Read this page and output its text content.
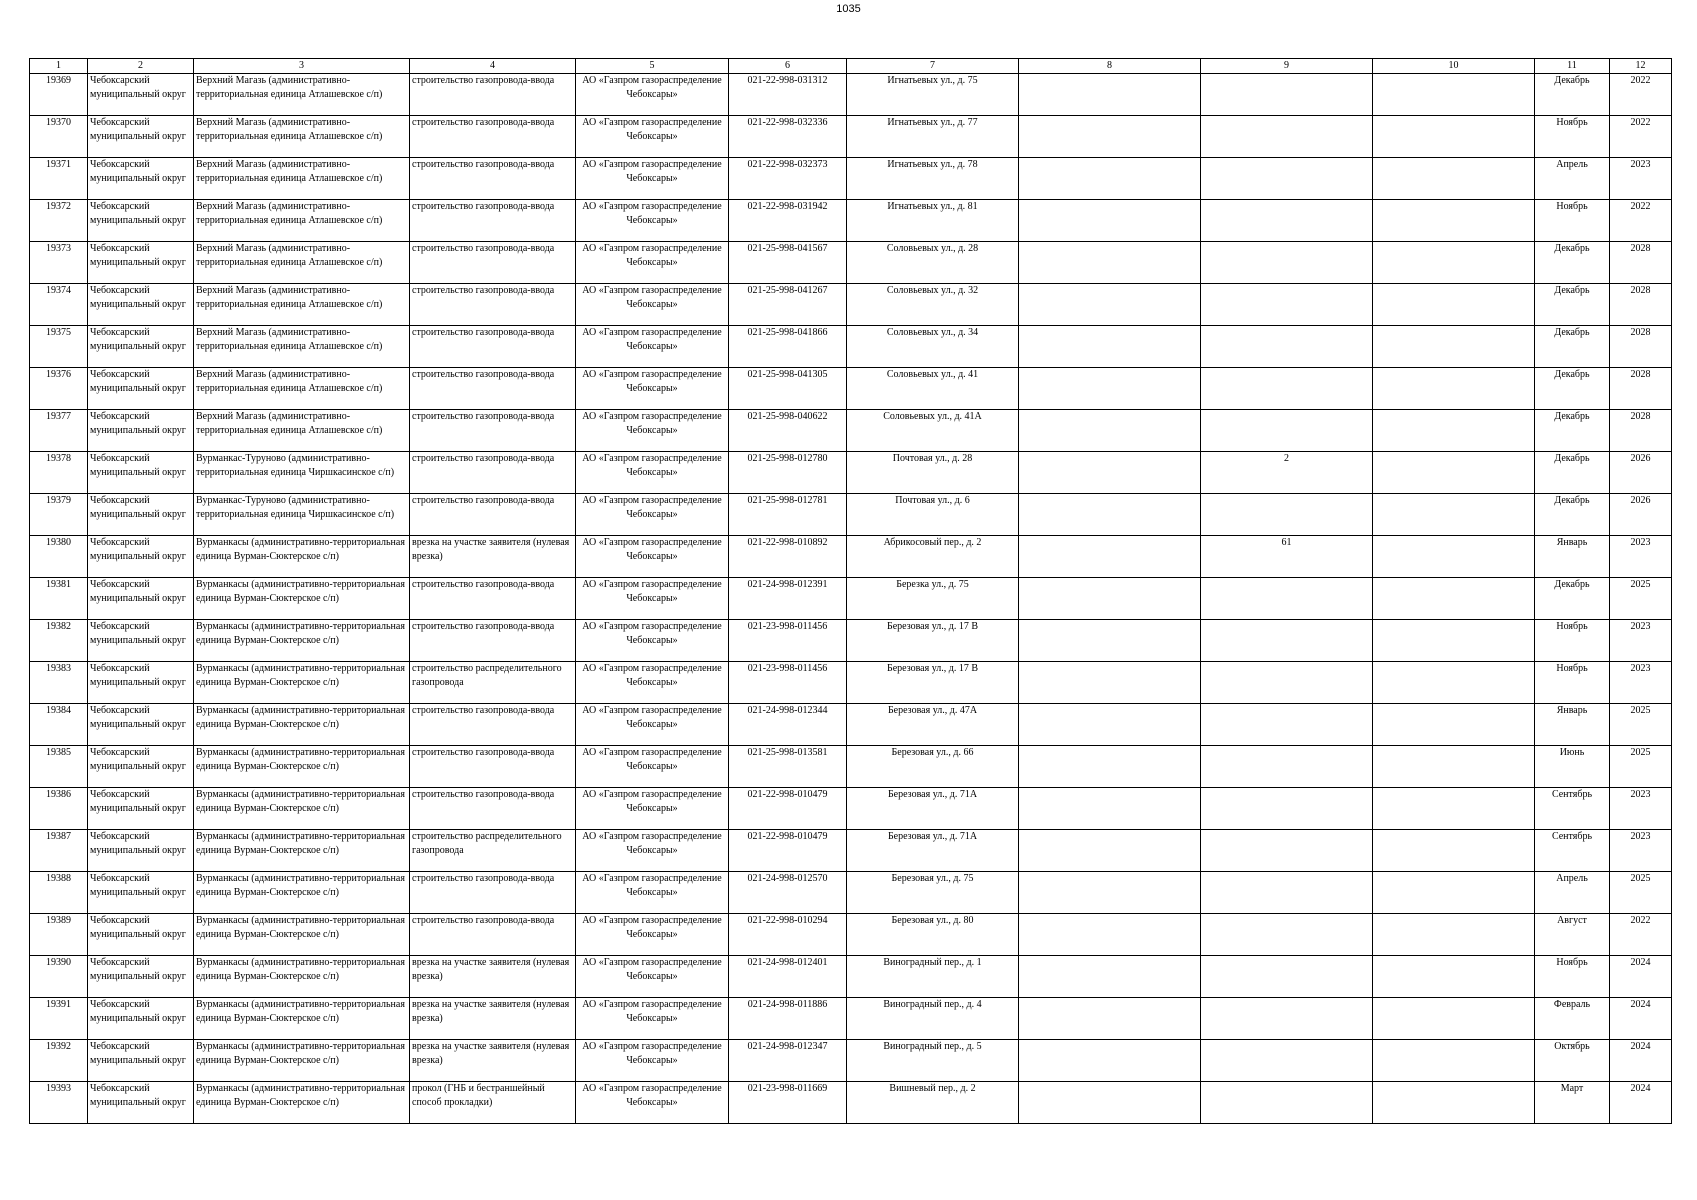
1035
1	2	3	4	5	6	7	8	9	10	11	12

19369	Чебоксарский муниципальный округ	Верхний Магазь (административно-территориальная единица Атлашевское с/п)	строительство газопровода-ввода	АО «Газпром газораспределение Чебоксары»	021-22-998-031312	Игнатьевых ул., д. 75				Декабрь	2022

19370	Чебоксарский муниципальный округ	Верхний Магазь (административно-территориальная единица Атлашевское с/п)	строительство газопровода-ввода	АО «Газпром газораспределение Чебоксары»	021-22-998-032336	Игнатьевых ул., д. 77				Ноябрь	2022

19371	Чебоксарский муниципальный округ	Верхний Магазь (административно-территориальная единица Атлашевское с/п)	строительство газопровода-ввода	АО «Газпром газораспределение Чебоксары»	021-22-998-032373	Игнатьевых ул., д. 78				Апрель	2023

19372	Чебоксарский муниципальный округ	Верхний Магазь (административно-территориальная единица Атлашевское с/п)	строительство газопровода-ввода	АО «Газпром газораспределение Чебоксары»	021-22-998-031942	Игнатьевых ул., д. 81				Ноябрь	2022

19373	Чебоксарский муниципальный округ	Верхний Магазь (административно-территориальная единица Атлашевское с/п)	строительство газопровода-ввода	АО «Газпром газораспределение Чебоксары»	021-25-998-041567	Соловьевых ул., д. 28				Декабрь	2028

19374	Чебоксарский муниципальный округ	Верхний Магазь (административно-территориальная единица Атлашевское с/п)	строительство газопровода-ввода	АО «Газпром газораспределение Чебоксары»	021-25-998-041267	Соловьевых ул., д. 32				Декабрь	2028

19375	Чебоксарский муниципальный округ	Верхний Магазь (административно-территориальная единица Атлашевское с/п)	строительство газопровода-ввода	АО «Газпром газораспределение Чебоксары»	021-25-998-041866	Соловьевых ул., д. 34				Декабрь	2028

19376	Чебоксарский муниципальный округ	Верхний Магазь (административно-территориальная единица Атлашевское с/п)	строительство газопровода-ввода	АО «Газпром газораспределение Чебоксары»	021-25-998-041305	Соловьевых ул., д. 41				Декабрь	2028

19377	Чебоксарский муниципальный округ	Верхний Магазь (административно-территориальная единица Атлашевское с/п)	строительство газопровода-ввода	АО «Газпром газораспределение Чебоксары»	021-25-998-040622	Соловьевых ул., д. 41А				Декабрь	2028

19378	Чебоксарский муниципальный округ	Вурманкас-Туруново (административно-территориальная единица Чиршкасинское с/п)	строительство газопровода-ввода	АО «Газпром газораспределение Чебоксары»	021-25-998-012780	Почтовая ул., д. 28		2		Декабрь	2026

19379	Чебоксарский муниципальный округ	Вурманкас-Туруново (административно-территориальная единица Чиршкасинское с/п)	строительство газопровода-ввода	АО «Газпром газораспределение Чебоксары»	021-25-998-012781	Почтовая ул., д. 6				Декабрь	2026

19380	Чебоксарский муниципальный округ	Вурманкасы (административно-территориальная единица Вурман-Сюктерское с/п)	врезка на участке заявителя (нулевая врезка)	АО «Газпром газораспределение Чебоксары»	021-22-998-010892	Абрикосовый пер., д. 2		61		Январь	2023

19381	Чебоксарский муниципальный округ	Вурманкасы (административно-территориальная единица Вурман-Сюктерское с/п)	строительство газопровода-ввода	АО «Газпром газораспределение Чебоксары»	021-24-998-012391	Березка ул., д. 75				Декабрь	2025

19382	Чебоксарский муниципальный округ	Вурманкасы (административно-территориальная единица Вурман-Сюктерское с/п)	строительство газопровода-ввода	АО «Газпром газораспределение Чебоксары»	021-23-998-011456	Березовая ул., д. 17 В				Ноябрь	2023

19383	Чебоксарский муниципальный округ	Вурманкасы (административно-территориальная единица Вурман-Сюктерское с/п)	строительство распределительного газопровода	АО «Газпром газораспределение Чебоксары»	021-23-998-011456	Березовая ул., д. 17 В				Ноябрь	2023

19384	Чебоксарский муниципальный округ	Вурманкасы (административно-территориальная единица Вурман-Сюктерское с/п)	строительство газопровода-ввода	АО «Газпром газораспределение Чебоксары»	021-24-998-012344	Березовая ул., д. 47А				Январь	2025

19385	Чебоксарский муниципальный округ	Вурманкасы (административно-территориальная единица Вурман-Сюктерское с/п)	строительство газопровода-ввода	АО «Газпром газораспределение Чебоксары»	021-25-998-013581	Березовая ул., д. 66				Июнь	2025

19386	Чебоксарский муниципальный округ	Вурманкасы (административно-территориальная единица Вурман-Сюктерское с/п)	строительство газопровода-ввода	АО «Газпром газораспределение Чебоксары»	021-22-998-010479	Березовая ул., д. 71А				Сентябрь	2023

19387	Чебоксарский муниципальный округ	Вурманкасы (административно-территориальная единица Вурман-Сюктерское с/п)	строительство распределительного газопровода	АО «Газпром газораспределение Чебоксары»	021-22-998-010479	Березовая ул., д. 71А				Сентябрь	2023

19388	Чебоксарский муниципальный округ	Вурманкасы (административно-территориальная единица Вурман-Сюктерское с/п)	строительство газопровода-ввода	АО «Газпром газораспределение Чебоксары»	021-24-998-012570	Березовая ул., д. 75				Апрель	2025

19389	Чебоксарский муниципальный округ	Вурманкасы (административно-территориальная единица Вурман-Сюктерское с/п)	строительство газопровода-ввода	АО «Газпром газораспределение Чебоксары»	021-22-998-010294	Березовая ул., д. 80				Август	2022

19390	Чебоксарский муниципальный округ	Вурманкасы (административно-территориальная единица Вурман-Сюктерское с/п)	врезка на участке заявителя (нулевая врезка)	АО «Газпром газораспределение Чебоксары»	021-24-998-012401	Виноградный пер., д. 1				Ноябрь	2024

19391	Чебоксарский муниципальный округ	Вурманкасы (административно-территориальная единица Вурман-Сюктерское с/п)	врезка на участке заявителя (нулевая врезка)	АО «Газпром газораспределение Чебоксары»	021-24-998-011886	Виноградный пер., д. 4				Февраль	2024

19392	Чебоксарский муниципальный округ	Вурманкасы (административно-территориальная единица Вурман-Сюктерское с/п)	врезка на участке заявителя (нулевая врезка)	АО «Газпром газораспределение Чебоксары»	021-24-998-012347	Виноградный пер., д. 5				Октябрь	2024

19393	Чебоксарский муниципальный округ	Вурманкасы (административно-территориальная единица Вурман-Сюктерское с/п)	прокол (ГНБ и бестраншейный способ прокладки)	АО «Газпром газораспределение Чебоксары»	021-23-998-011669	Вишневый пер., д. 2				Март	2024
